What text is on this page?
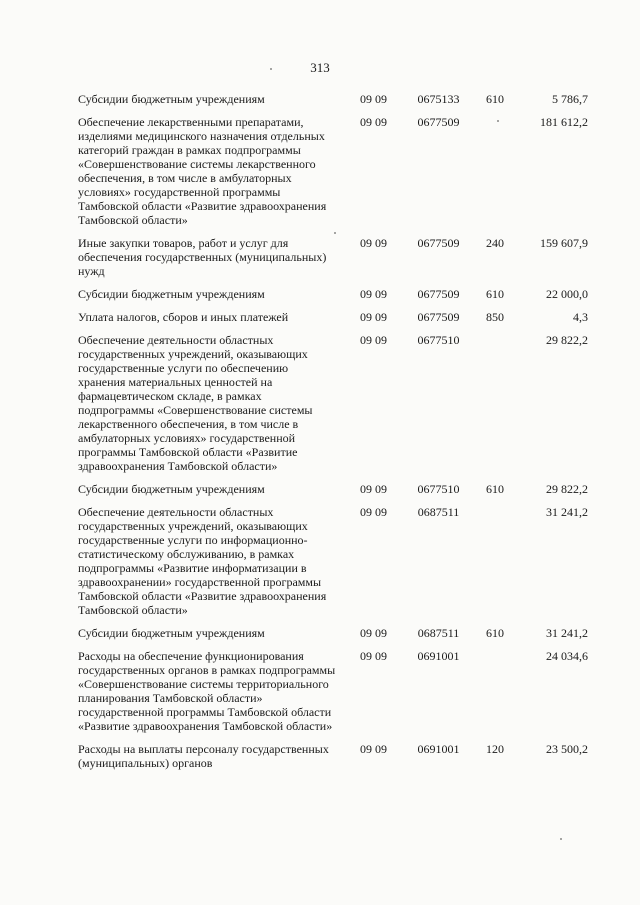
313
Субсидии бюджетным учреждениям	09 09	0675133	610	5 786,7
Обеспечение лекарственными препаратами, изделиями медицинского назначения отдельных категорий граждан в рамках подпрограммы «Совершенствование системы лекарственного обеспечения, в том числе в амбулаторных условиях» государственной программы Тамбовской области «Развитие здравоохранения Тамбовской области»	09 09	0677509		181 612,2
Иные закупки товаров, работ и услуг для обеспечения государственных (муниципальных) нужд	09 09	0677509	240	159 607,9
Субсидии бюджетным учреждениям	09 09	0677509	610	22 000,0
Уплата налогов, сборов и иных платежей	09 09	0677509	850	4,3
Обеспечение деятельности областных государственных учреждений, оказывающих государственные услуги по обеспечению хранения материальных ценностей на фармацевтическом складе, в рамках подпрограммы «Совершенствование системы лекарственного обеспечения, в том числе в амбулаторных условиях» государственной программы Тамбовской области «Развитие здравоохранения Тамбовской области»	09 09	0677510		29 822,2
Субсидии бюджетным учреждениям	09 09	0677510	610	29 822,2
Обеспечение деятельности областных государственных учреждений, оказывающих государственные услуги по информационно-статистическому обслуживанию, в рамках подпрограммы «Развитие информатизации в здравоохранении» государственной программы Тамбовской области «Развитие здравоохранения Тамбовской области»	09 09	0687511		31 241,2
Субсидии бюджетным учреждениям	09 09	0687511	610	31 241,2
Расходы на обеспечение функционирования государственных органов в рамках подпрограммы «Совершенствование системы территориального планирования Тамбовской области» государственной программы Тамбовской области «Развитие здравоохранения Тамбовской области»	09 09	0691001		24 034,6
Расходы на выплаты персоналу государственных (муниципальных) органов	09 09	0691001	120	23 500,2
